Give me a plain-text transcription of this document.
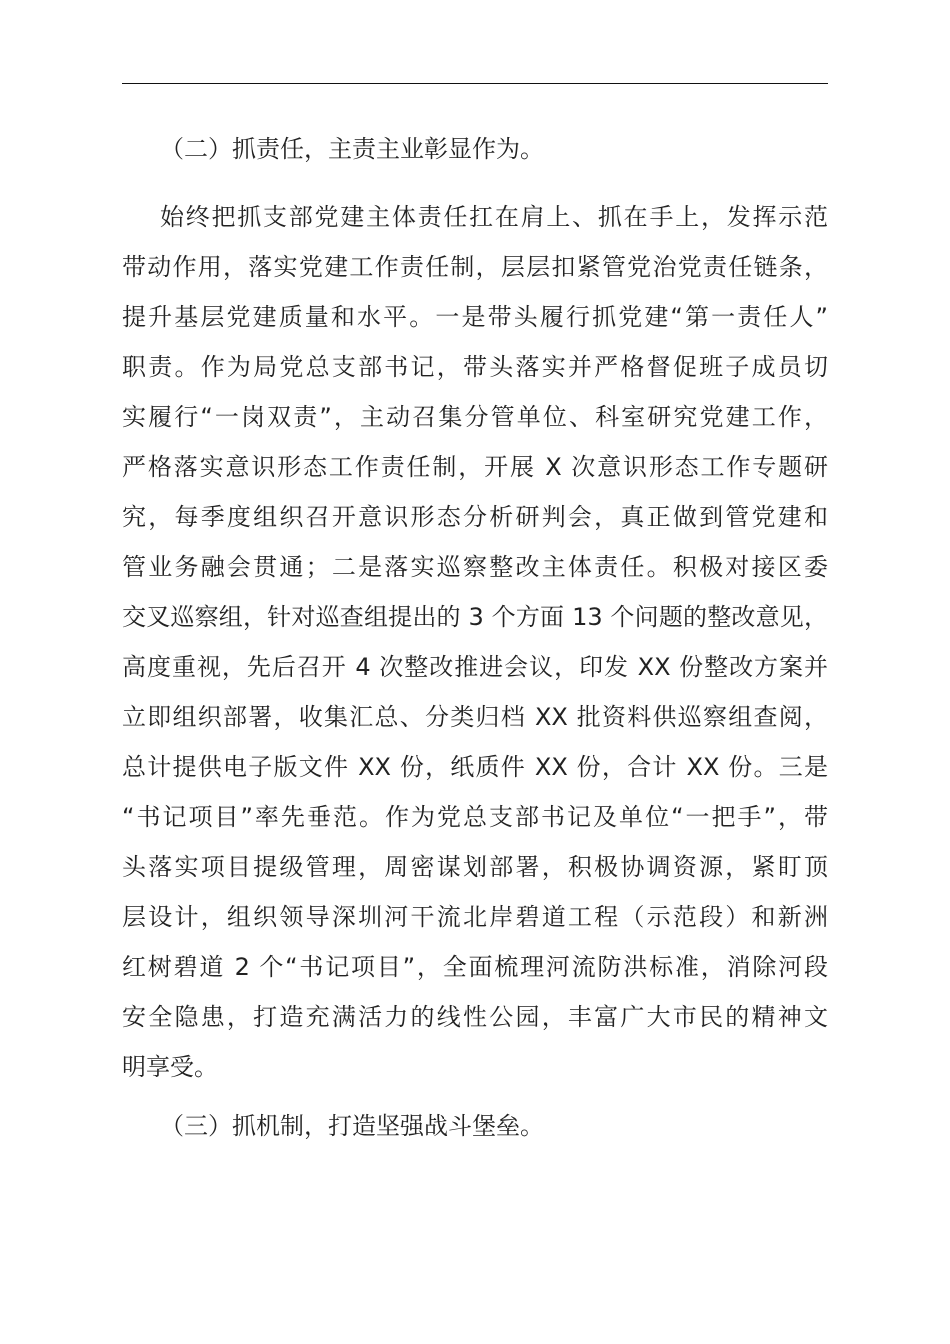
（二）抓责任，主责主业彰显作为。
始终把抓支部党建主体责任扛在肩上、抓在手上，发挥示范
带动作用，落实党建工作责任制，层层扣紧管党治党责任链条，
提升基层党建质量和水平。一是带头履行抓党建“第一责任人”
职责。作为局党总支部书记，带头落实并严格督促班子成员切
实履行“一岗双责”，主动召集分管单位、科室研究党建工作，
严格落实意识形态工作责任制，开展 X 次意识形态工作专题研
究，每季度组织召开意识形态分析研判会，真正做到管党建和
管业务融会贯通；二是落实巡察整改主体责任。积极对接区委
交叉巡察组，针对巡查组提出的 3 个方面 13 个问题的整改意见，
高度重视，先后召开 4 次整改推进会议，印发 XX 份整改方案并
立即组织部署，收集汇总、分类归档 XX 批资料供巡察组查阅，
总计提供电子版文件 XX 份，纸质件 XX 份，合计 XX 份。三是
“书记项目”率先垂范。作为党总支部书记及单位“一把手”，带
头落实项目提级管理，周密谋划部署，积极协调资源，紧盯顶
层设计，组织领导深圳河干流北岸碧道工程（示范段）和新洲
红树碧道 2 个“书记项目”，全面梳理河流防洪标准，消除河段
安全隐患，打造充满活力的线性公园，丰富广大市民的精神文
明享受。
（三）抓机制，打造坚强战斗堡垒。
